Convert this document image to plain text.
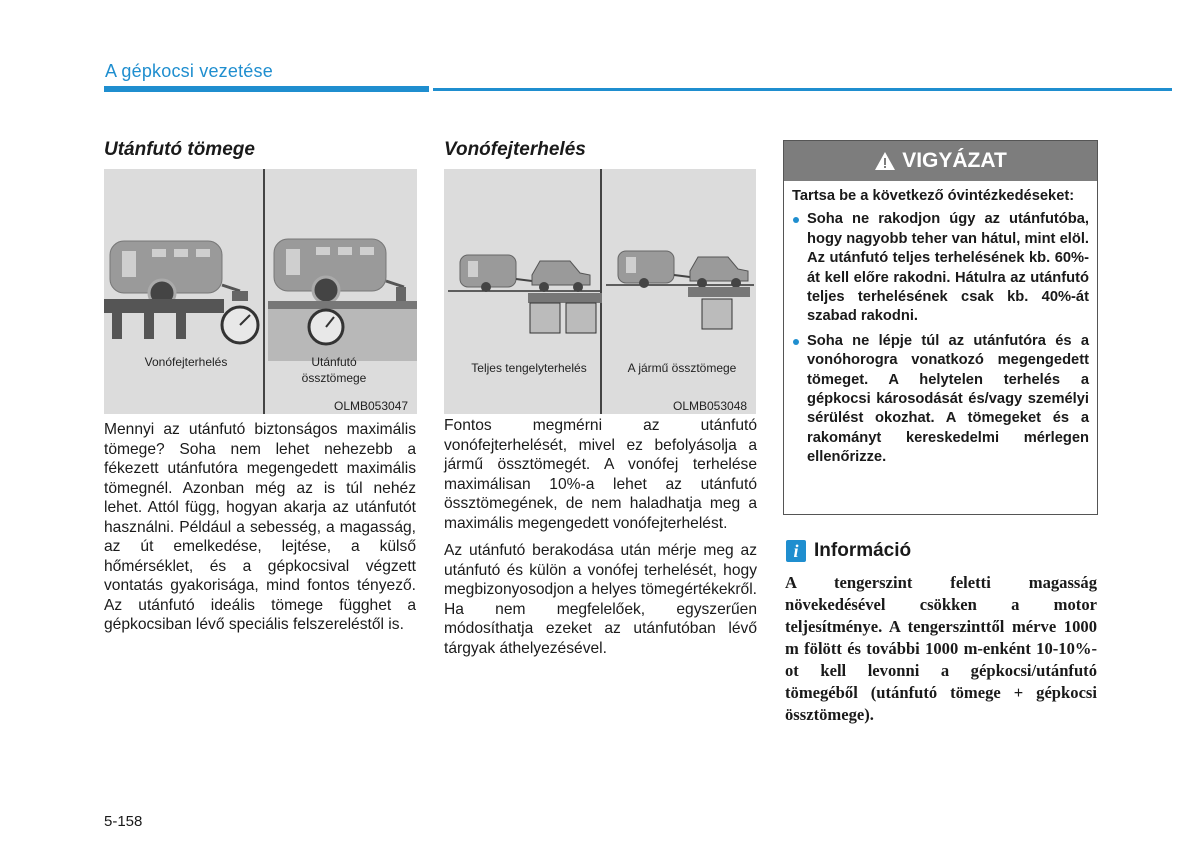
A gépkocsi vezetése
Utánfutó tömege
Vonófejterhelés	Utánfutó
össztömege
OLMB053047

Mennyi az utánfutó biztonságos maximális tömege? Soha nem lehet nehezebb a fékezett utánfutóra megengedett maximális tömegnél. Azonban még az is túl nehéz lehet. Attól függ, hogyan akarja az utánfutót használni. Például a sebesség, a magasság, az út emelkedése, lejtése, a külső hőmérséklet, és a gépkocsival végzett vontatás gyakorisága, mind fontos tényező. Az utánfutó ideális tömege függhet a gépkocsiban lévő speciális felszereléstől is.

Vonófejterhelés
Teljes tengelyterhelés	A jármű össztömege
OLMB053048

Fontos megmérni az utánfutó vonófejterhelését, mivel ez befolyásolja a jármű össztömegét. A vonófej terhelése maximálisan 10%-a lehet az utánfutó össztömegének, de nem haladhatja meg a maximális megengedett vonófejterhelést.

Az utánfutó berakodása után mérje meg az utánfutó és külön a vonófej terhelését, hogy megbizonyosodjon a helyes tömegértékekről. Ha nem megfelelőek, egyszerűen módosíthatja ezeket az utánfutóban lévő tárgyak áthelyezésével.

VIGYÁZAT
Tartsa be a következő óvintézkedéseket:
Soha ne rakodjon úgy az utánfutóba, hogy nagyobb teher van hátul, mint elöl. Az utánfutó teljes terhelésének kb. 60%-át kell előre rakodni. Hátulra az utánfutó teljes terhelésének csak kb. 40%-át szabad rakodni.
Soha ne lépje túl az utánfutóra és a vonóhorogra vonatkozó megengedett tömeget. A helytelen terhelés a gépkocsi károsodását és/vagy személyi sérülést okozhat. A tömegeket és a rakományt kereskedelmi mérlegen ellenőrizze.
i Információ
A tengerszint feletti magasság növekedésével csökken a motor teljesítménye. A tengerszinttől mérve 1000 m fölött és további 1000 m-enként 10-10%-ot kell levonni a gépkocsi/utánfutó tömegéből (utánfutó tömege + gépkocsi össztömege).
5-158
